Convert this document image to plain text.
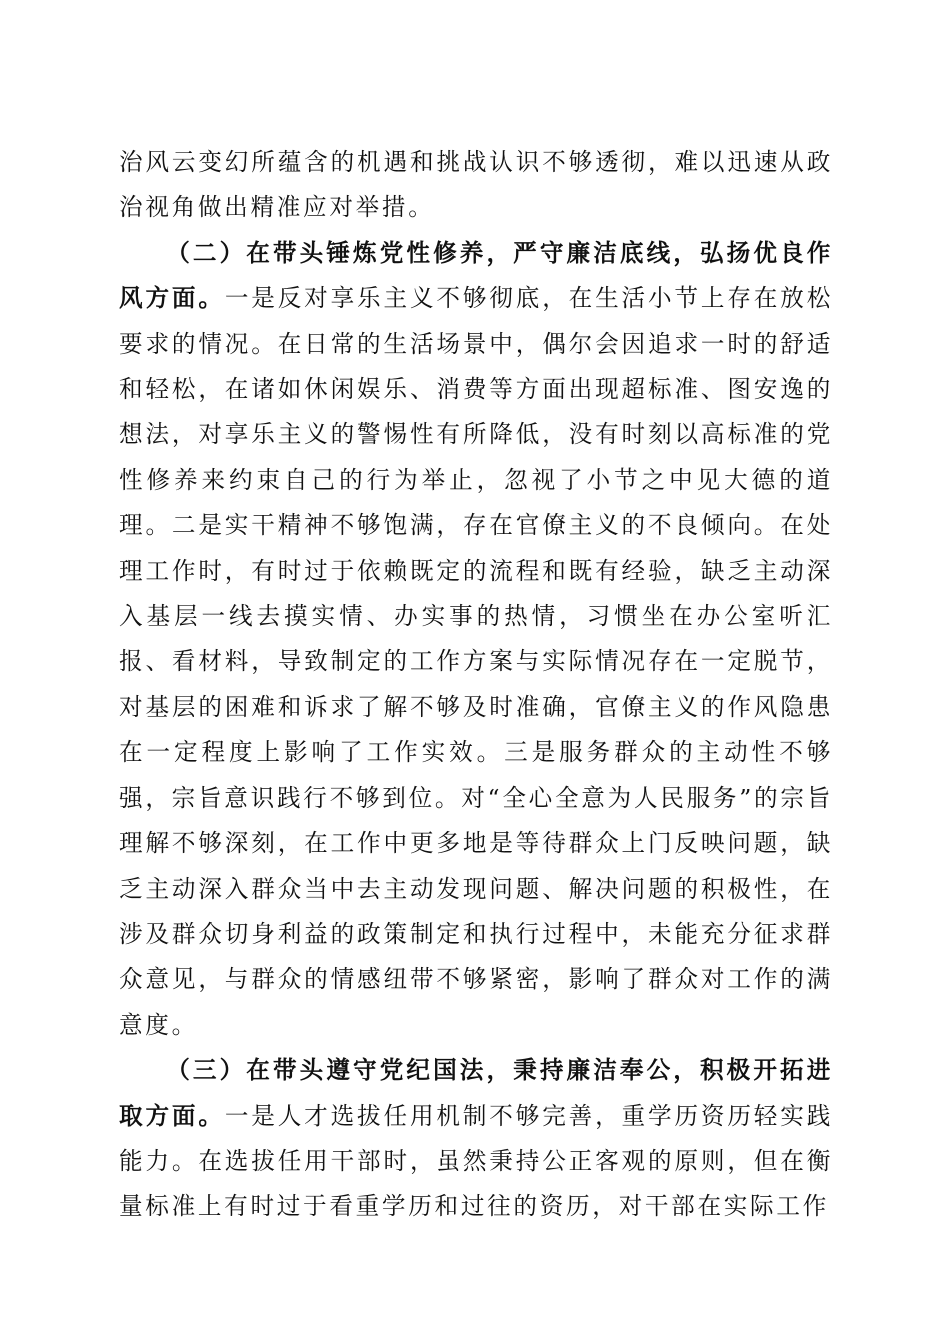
治风云变幻所蕴含的机遇和挑战认识不够透彻，难以迅速从政治视角做出精准应对举措。

（二）在带头锤炼党性修养，严守廉洁底线，弘扬优良作风方面。一是反对享乐主义不够彻底，在生活小节上存在放松要求的情况。在日常的生活场景中，偶尔会因追求一时的舒适和轻松，在诸如休闲娱乐、消费等方面出现超标准、图安逸的想法，对享乐主义的警惕性有所降低，没有时刻以高标准的党性修养来约束自己的行为举止，忽视了小节之中见大德的道理。二是实干精神不够饱满，存在官僚主义的不良倾向。在处理工作时，有时过于依赖既定的流程和既有经验，缺乏主动深入基层一线去摸实情、办实事的热情，习惯坐在办公室听汇报、看材料，导致制定的工作方案与实际情况存在一定脱节，对基层的困难和诉求了解不够及时准确，官僚主义的作风隐患在一定程度上影响了工作实效。三是服务群众的主动性不够强，宗旨意识践行不够到位。对“全心全意为人民服务”的宗旨理解不够深刻，在工作中更多地是等待群众上门反映问题，缺乏主动深入群众当中去主动发现问题、解决问题的积极性，在涉及群众切身利益的政策制定和执行过程中，未能充分征求群众意见，与群众的情感纽带不够紧密，影响了群众对工作的满意度。

（三）在带头遵守党纪国法，秉持廉洁奉公，积极开拓进取方面。一是人才选拔任用机制不够完善，重学历资历轻实践能力。在选拔任用干部时，虽然秉持公正客观的原则，但在衡量标准上有时过于看重学历和过往的资历，对干部在实际工作
